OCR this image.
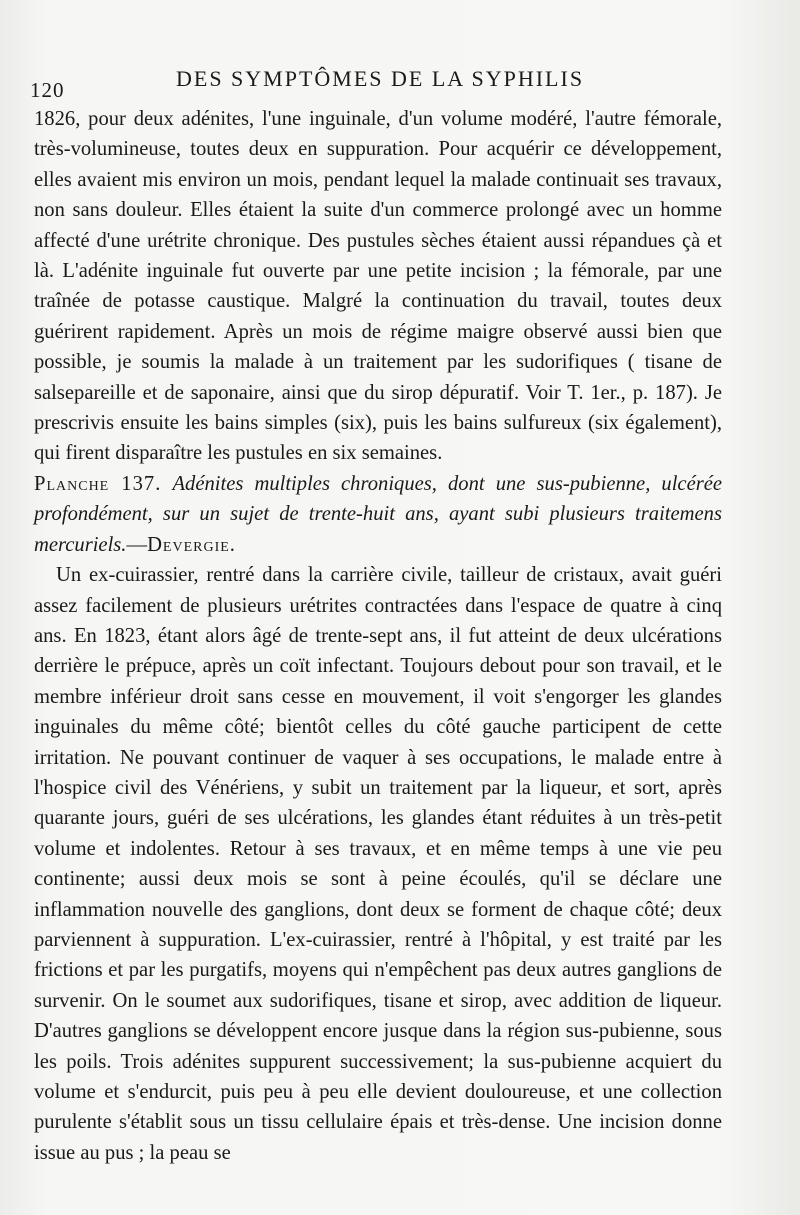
120	DES SYMPTÔMES DE LA SYPHILIS

1826, pour deux adénites, l'une inguinale, d'un volume modéré, l'autre fémorale, très-volumineuse, toutes deux en suppuration. Pour acquérir ce développement, elles avaient mis environ un mois, pendant lequel la malade continuait ses travaux, non sans douleur. Elles étaient la suite d'un commerce prolongé avec un homme affecté d'une urétrite chronique. Des pustules sèches étaient aussi répandues çà et là. L'adénite inguinale fut ouverte par une petite incision ; la fémorale, par une traînée de potasse caustique. Malgré la continuation du travail, toutes deux guérirent rapidement. Après un mois de régime maigre observé aussi bien que possible, je soumis la malade à un traitement par les sudorifiques ( tisane de salsepareille et de saponaire, ainsi que du sirop dépuratif. Voir T. 1er., p. 187). Je prescrivis ensuite les bains simples (six), puis les bains sulfureux (six également), qui firent disparaître les pustules en six semaines.

Planche 137. Adénites multiples chroniques, dont une sus-pubienne, ulcérée profondément, sur un sujet de trente-huit ans, ayant subi plusieurs traitemens mercuriels.—Devergie.

Un ex-cuirassier, rentré dans la carrière civile, tailleur de cristaux, avait guéri assez facilement de plusieurs urétrites contractées dans l'espace de quatre à cinq ans. En 1823, étant alors âgé de trente-sept ans, il fut atteint de deux ulcérations derrière le prépuce, après un coït infectant. Toujours debout pour son travail, et le membre inférieur droit sans cesse en mouvement, il voit s'engorger les glandes inguinales du même côté; bientôt celles du côté gauche participent de cette irritation. Ne pouvant continuer de vaquer à ses occupations, le malade entre à l'hospice civil des Vénériens, y subit un traitement par la liqueur, et sort, après quarante jours, guéri de ses ulcérations, les glandes étant réduites à un très-petit volume et indolentes. Retour à ses travaux, et en même temps à une vie peu continente; aussi deux mois se sont à peine écoulés, qu'il se déclare une inflammation nouvelle des ganglions, dont deux se forment de chaque côté; deux parviennent à suppuration. L'ex-cuirassier, rentré à l'hôpital, y est traité par les frictions et par les purgatifs, moyens qui n'empêchent pas deux autres ganglions de survenir. On le soumet aux sudorifiques, tisane et sirop, avec addition de liqueur. D'autres ganglions se développent encore jusque dans la région sus-pubienne, sous les poils. Trois adénites suppurent successivement; la sus-pubienne acquiert du volume et s'endurcit, puis peu à peu elle devient douloureuse, et une collection purulente s'établit sous un tissu cellulaire épais et très-dense. Une incision donne issue au pus ; la peau se
